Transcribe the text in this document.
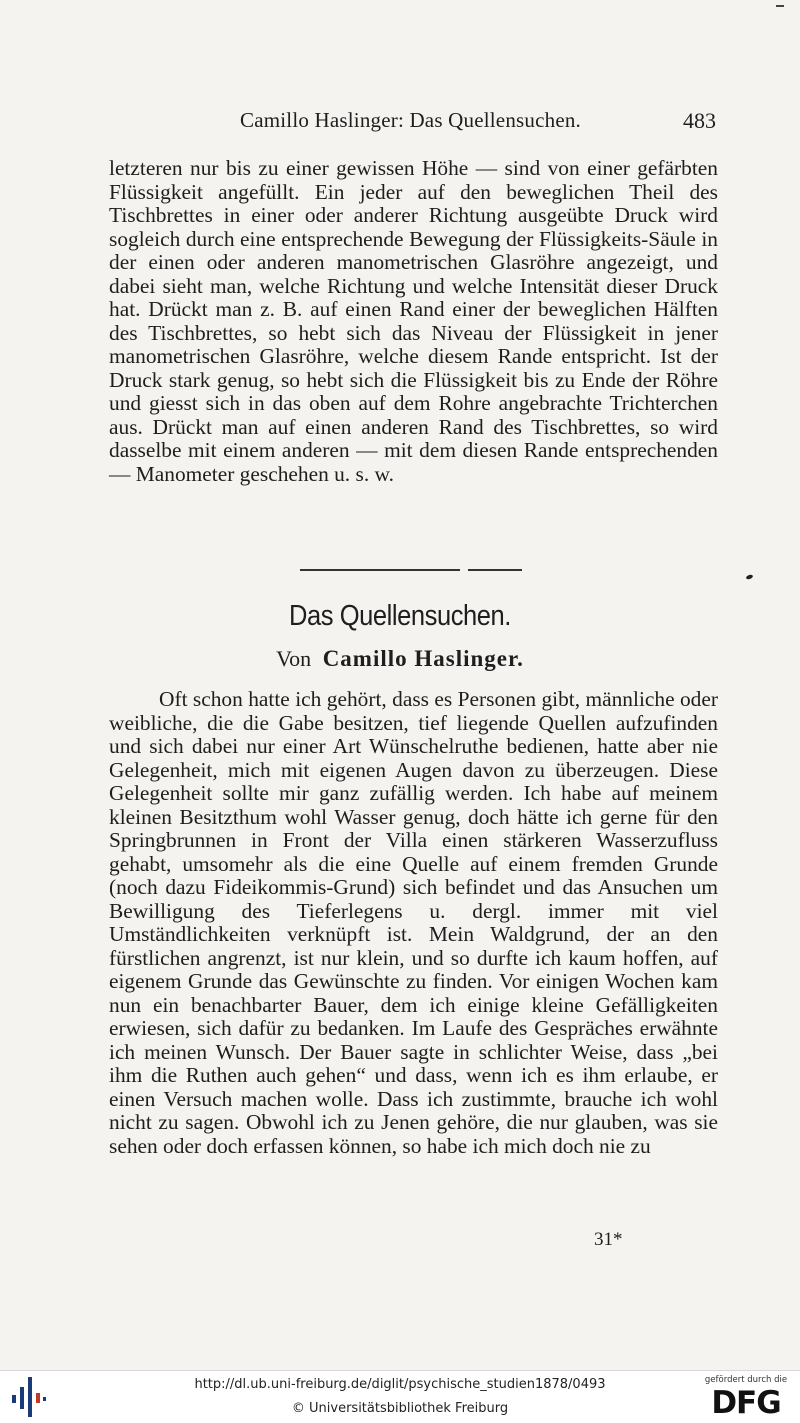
Camillo Haslinger: Das Quellensuchen.	483

letzteren nur bis zu einer gewissen Höhe — sind von einer gefärbten Flüssigkeit angefüllt. Ein jeder auf den beweglichen Theil des Tischbrettes in einer oder anderer Richtung ausgeübte Druck wird sogleich durch eine entsprechende Bewegung der Flüssigkeits-Säule in der einen oder anderen manometrischen Glasröhre angezeigt, und dabei sieht man, welche Richtung und welche Intensität dieser Druck hat. Drückt man z. B. auf einen Rand einer der beweglichen Hälften des Tischbrettes, so hebt sich das Niveau der Flüssigkeit in jener manometrischen Glasröhre, welche diesem Rande entspricht. Ist der Druck stark genug, so hebt sich die Flüssigkeit bis zu Ende der Röhre und giesst sich in das oben auf dem Rohre angebrachte Trichterchen aus. Drückt man auf einen anderen Rand des Tischbrettes, so wird dasselbe mit einem anderen — mit dem diesen Rande entsprechenden — Manometer geschehen u. s. w.

Das Quellensuchen.
Von Camillo Haslinger.

Oft schon hatte ich gehört, dass es Personen gibt, männliche oder weibliche, die die Gabe besitzen, tief liegende Quellen aufzufinden und sich dabei nur einer Art Wünschelruthe bedienen, hatte aber nie Gelegenheit, mich mit eigenen Augen davon zu überzeugen. Diese Gelegenheit sollte mir ganz zufällig werden. Ich habe auf meinem kleinen Besitzthum wohl Wasser genug, doch hätte ich gerne für den Springbrunnen in Front der Villa einen stärkeren Wasserzufluss gehabt, umsomehr als die eine Quelle auf einem fremden Grunde (noch dazu Fideikommis-Grund) sich befindet und das Ansuchen um Bewilligung des Tieferlegens u. dergl. immer mit viel Umständlichkeiten verknüpft ist. Mein Waldgrund, der an den fürstlichen angrenzt, ist nur klein, und so durfte ich kaum hoffen, auf eigenem Grunde das Gewünschte zu finden. Vor einigen Wochen kam nun ein benachbarter Bauer, dem ich einige kleine Gefälligkeiten erwiesen, sich dafür zu bedanken. Im Laufe des Gespräches erwähnte ich meinen Wunsch. Der Bauer sagte in schlichter Weise, dass „bei ihm die Ruthen auch gehen“ und dass, wenn ich es ihm erlaube, er einen Versuch machen wolle. Dass ich zustimmte, brauche ich wohl nicht zu sagen. Obwohl ich zu Jenen gehöre, die nur glauben, was sie sehen oder doch erfassen können, so habe ich mich doch nie zu

31*
http://dl.ub.uni-freiburg.de/diglit/psychische_studien1878/0493
© Universitätsbibliothek Freiburg
gefördert durch die
DFG
